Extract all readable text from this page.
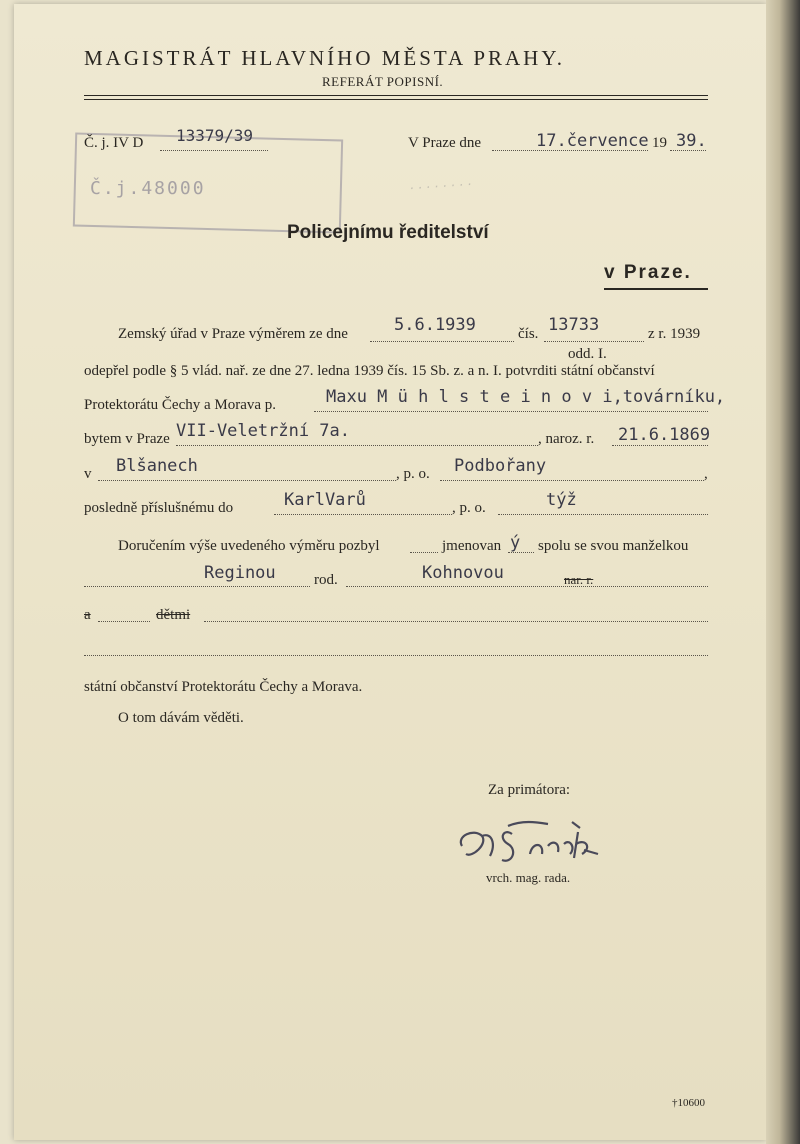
MAGISTRÁT HLAVNÍHO MĚSTA PRAHY.
REFERÁT POPISNÍ.
Č.j.48000
Č. j. IV D 13379/39	V Praze dne	17.července 19 39.
Policejnímu ředitelství
v Praze.
Zemský úřad v Praze výměrem ze dne	5.6.1939	čís. 13733	z r. 1939
odd. I.
odepřel podle § 5 vlád. nař. ze dne 27. ledna 1939 čís. 15 Sb. z. a n. I. potvrditi státní občanství
Protektorátu Čechy a Morava p.	Maxu M ü h l s t e i n o v i,továrníku,
bytem v Praze VII-Veletržní 7a.	, naroz. r. 21.6.1869
v Blšanech	, p. o. Podbořany	,
posledně příslušnému do	KarlVarů	, p. o.	týž
Doručením výše uvedeného výměru pozbyl	jmenovan ý spolu se svou manželkou
Reginou	rod.	Kohnovou	nar. r.
a	dětmi
státní občanství Protektorátu Čechy a Morava.
O tom dávám věděti.
Za primátora:
vrch. mag. rada.
. . . . . . . .
†10600
